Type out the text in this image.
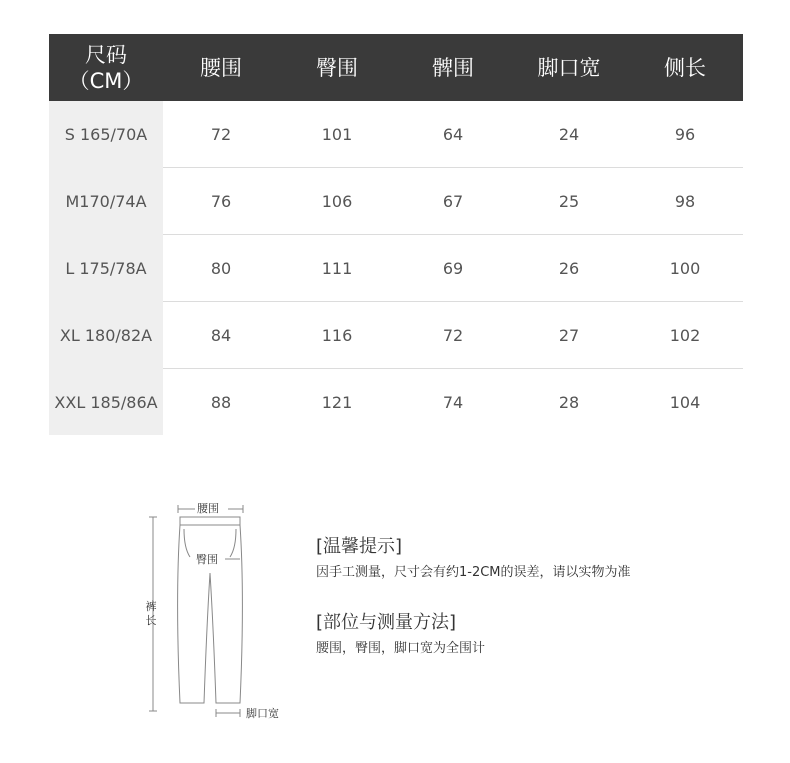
尺码
（CM）	腰围	臀围	髀围	脚口宽	侧长
S 165/70A	72	101	64	24	96
M170/74A	76	106	67	25	98
L 175/78A	80	111	69	26	100
XL 180/82A	84	116	72	27	102
XXL 185/86A	88	121	74	28	104
腰围
臀围
裤
长
脚口宽
[温馨提示]

因手工测量，尺寸会有约1-2CM的误差，请以实物为准

[部位与测量方法]

腰围，臀围，脚口宽为全围计
